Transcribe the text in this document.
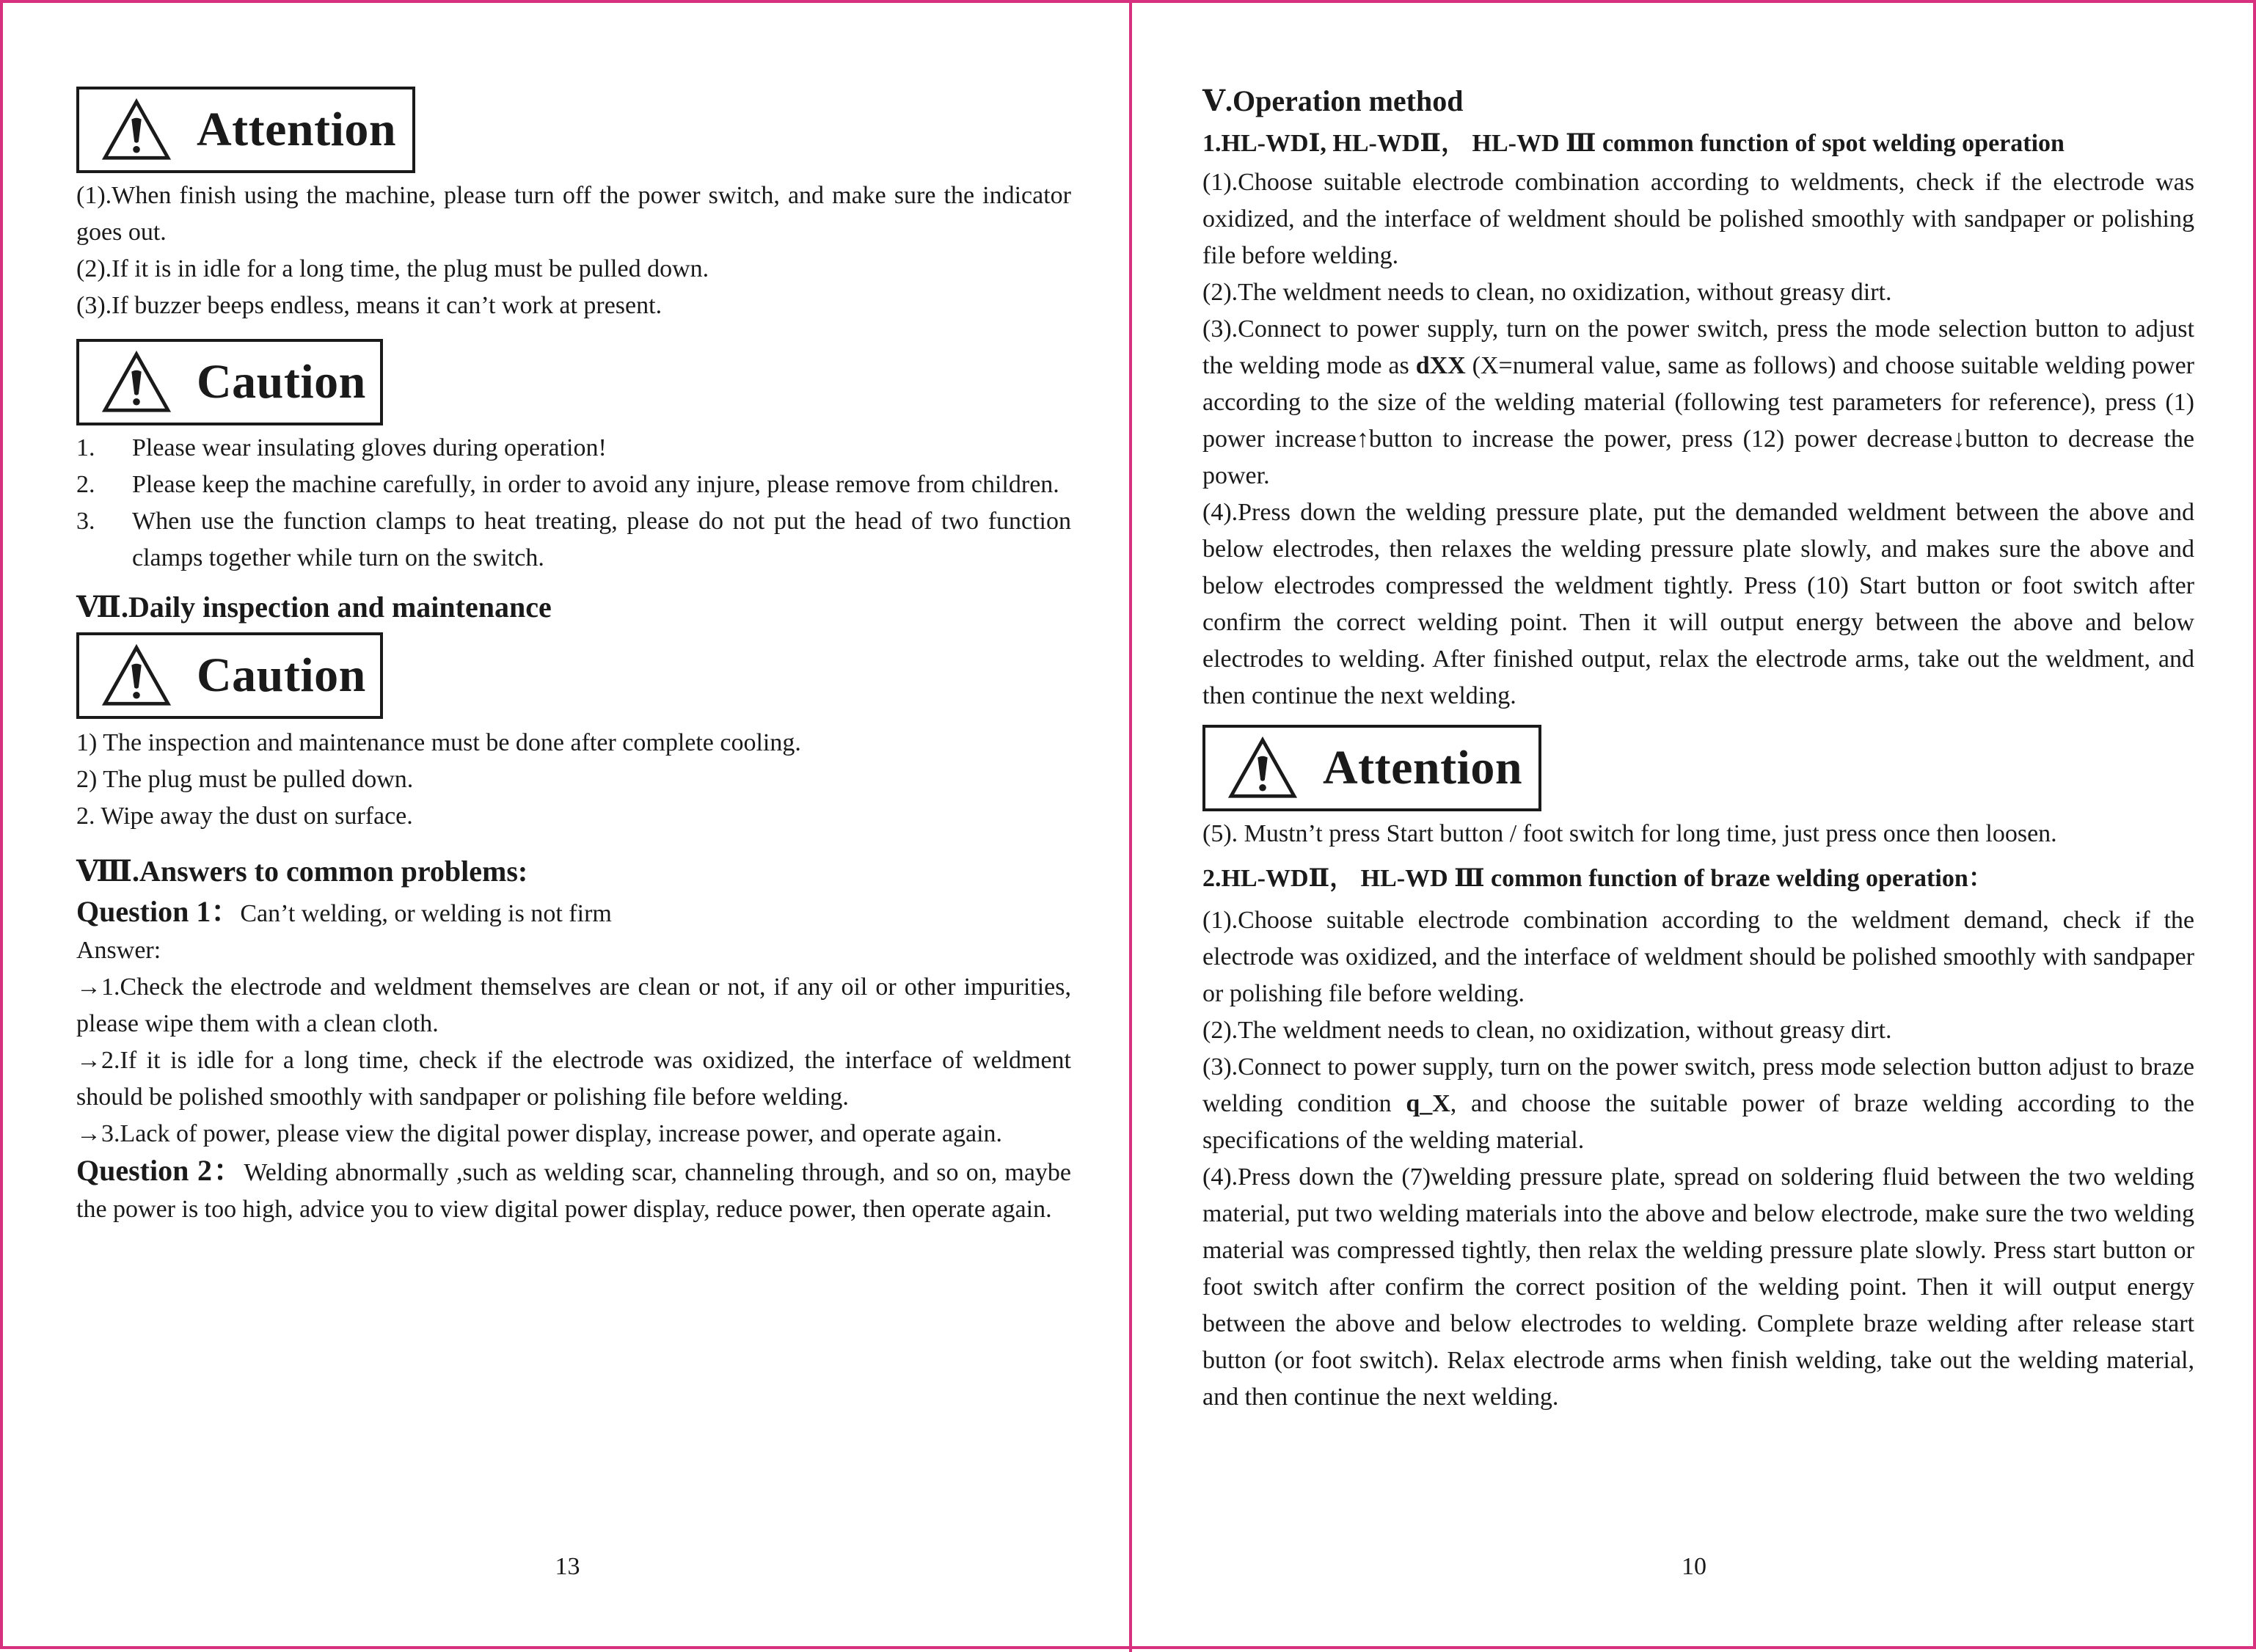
Attention

(1).When finish using the machine, please turn off the power switch, and make sure the indicator goes out.

(2).If it is in idle for a long time, the plug must be pulled down.

(3).If buzzer beeps endless, means it can’t work at present.

Caution
1. Please wear insulating gloves during operation!
2. Please keep the machine carefully, in order to avoid any injure, please remove from children.
3. When use the function clamps to heat treating, please do not put the head of two function clamps together while turn on the switch.
Ⅶ.Daily inspection and maintenance
Caution

1) The inspection and maintenance must be done after complete cooling.

2) The plug must be pulled down.

2. Wipe away the dust on surface.

Ⅷ.Answers to common problems:

Question 1：Can’t welding, or welding is not firm

Answer:

→1.Check the electrode and weldment themselves are clean or not, if any oil or other impurities, please wipe them with a clean cloth.

→2.If it is idle for a long time, check if the electrode was oxidized, the interface of weldment should be polished smoothly with sandpaper or polishing file before welding.

→3.Lack of power, please view the digital power display, increase power, and operate again.

Question 2：Welding abnormally ,such as welding scar, channeling through, and so on, maybe the power is too high, advice you to view digital power display, reduce power, then operate again.

13
Ⅴ.Operation method
1.HL-WDⅠ, HL-WDⅡ， HL-WD Ⅲ common function of spot welding operation

(1).Choose suitable electrode combination according to weldments, check if the electrode was oxidized, and the interface of weldment should be polished smoothly with sandpaper or polishing file before welding.

(2).The weldment needs to clean, no oxidization, without greasy dirt.

(3).Connect to power supply, turn on the power switch, press the mode selection button to adjust the welding mode as dXX (X=numeral value, same as follows) and choose suitable welding power according to the size of the welding material (following test parameters for reference), press (1) power increase↑button to increase the power, press (12) power decrease↓button to decrease the power.

(4).Press down the welding pressure plate, put the demanded weldment between the above and below electrodes, then relaxes the welding pressure plate slowly, and makes sure the above and below electrodes compressed the weldment tightly. Press (10) Start button or foot switch after confirm the correct welding point. Then it will output energy between the above and below electrodes to welding. After finished output, relax the electrode arms, take out the weldment, and then continue the next welding.

Attention

(5). Mustn’t press Start button / foot switch for long time, just press once then loosen.

2.HL-WDⅡ， HL-WD Ⅲ common function of braze welding operation：

(1).Choose suitable electrode combination according to the weldment demand, check if the electrode was oxidized, and the interface of weldment should be polished smoothly with sandpaper or polishing file before welding.

(2).The weldment needs to clean, no oxidization, without greasy dirt.

(3).Connect to power supply, turn on the power switch, press mode selection button adjust to braze welding condition q_X, and choose the suitable power of braze welding according to the specifications of the welding material.

(4).Press down the (7)welding pressure plate, spread on soldering fluid between the two welding material, put two welding materials into the above and below electrode, make sure the two welding material was compressed tightly, then relax the welding pressure plate slowly. Press start button or foot switch after confirm the correct position of the welding point. Then it will output energy between the above and below electrodes to welding. Complete braze welding after release start button (or foot switch). Relax electrode arms when finish welding, take out the welding material, and then continue the next welding.

10
